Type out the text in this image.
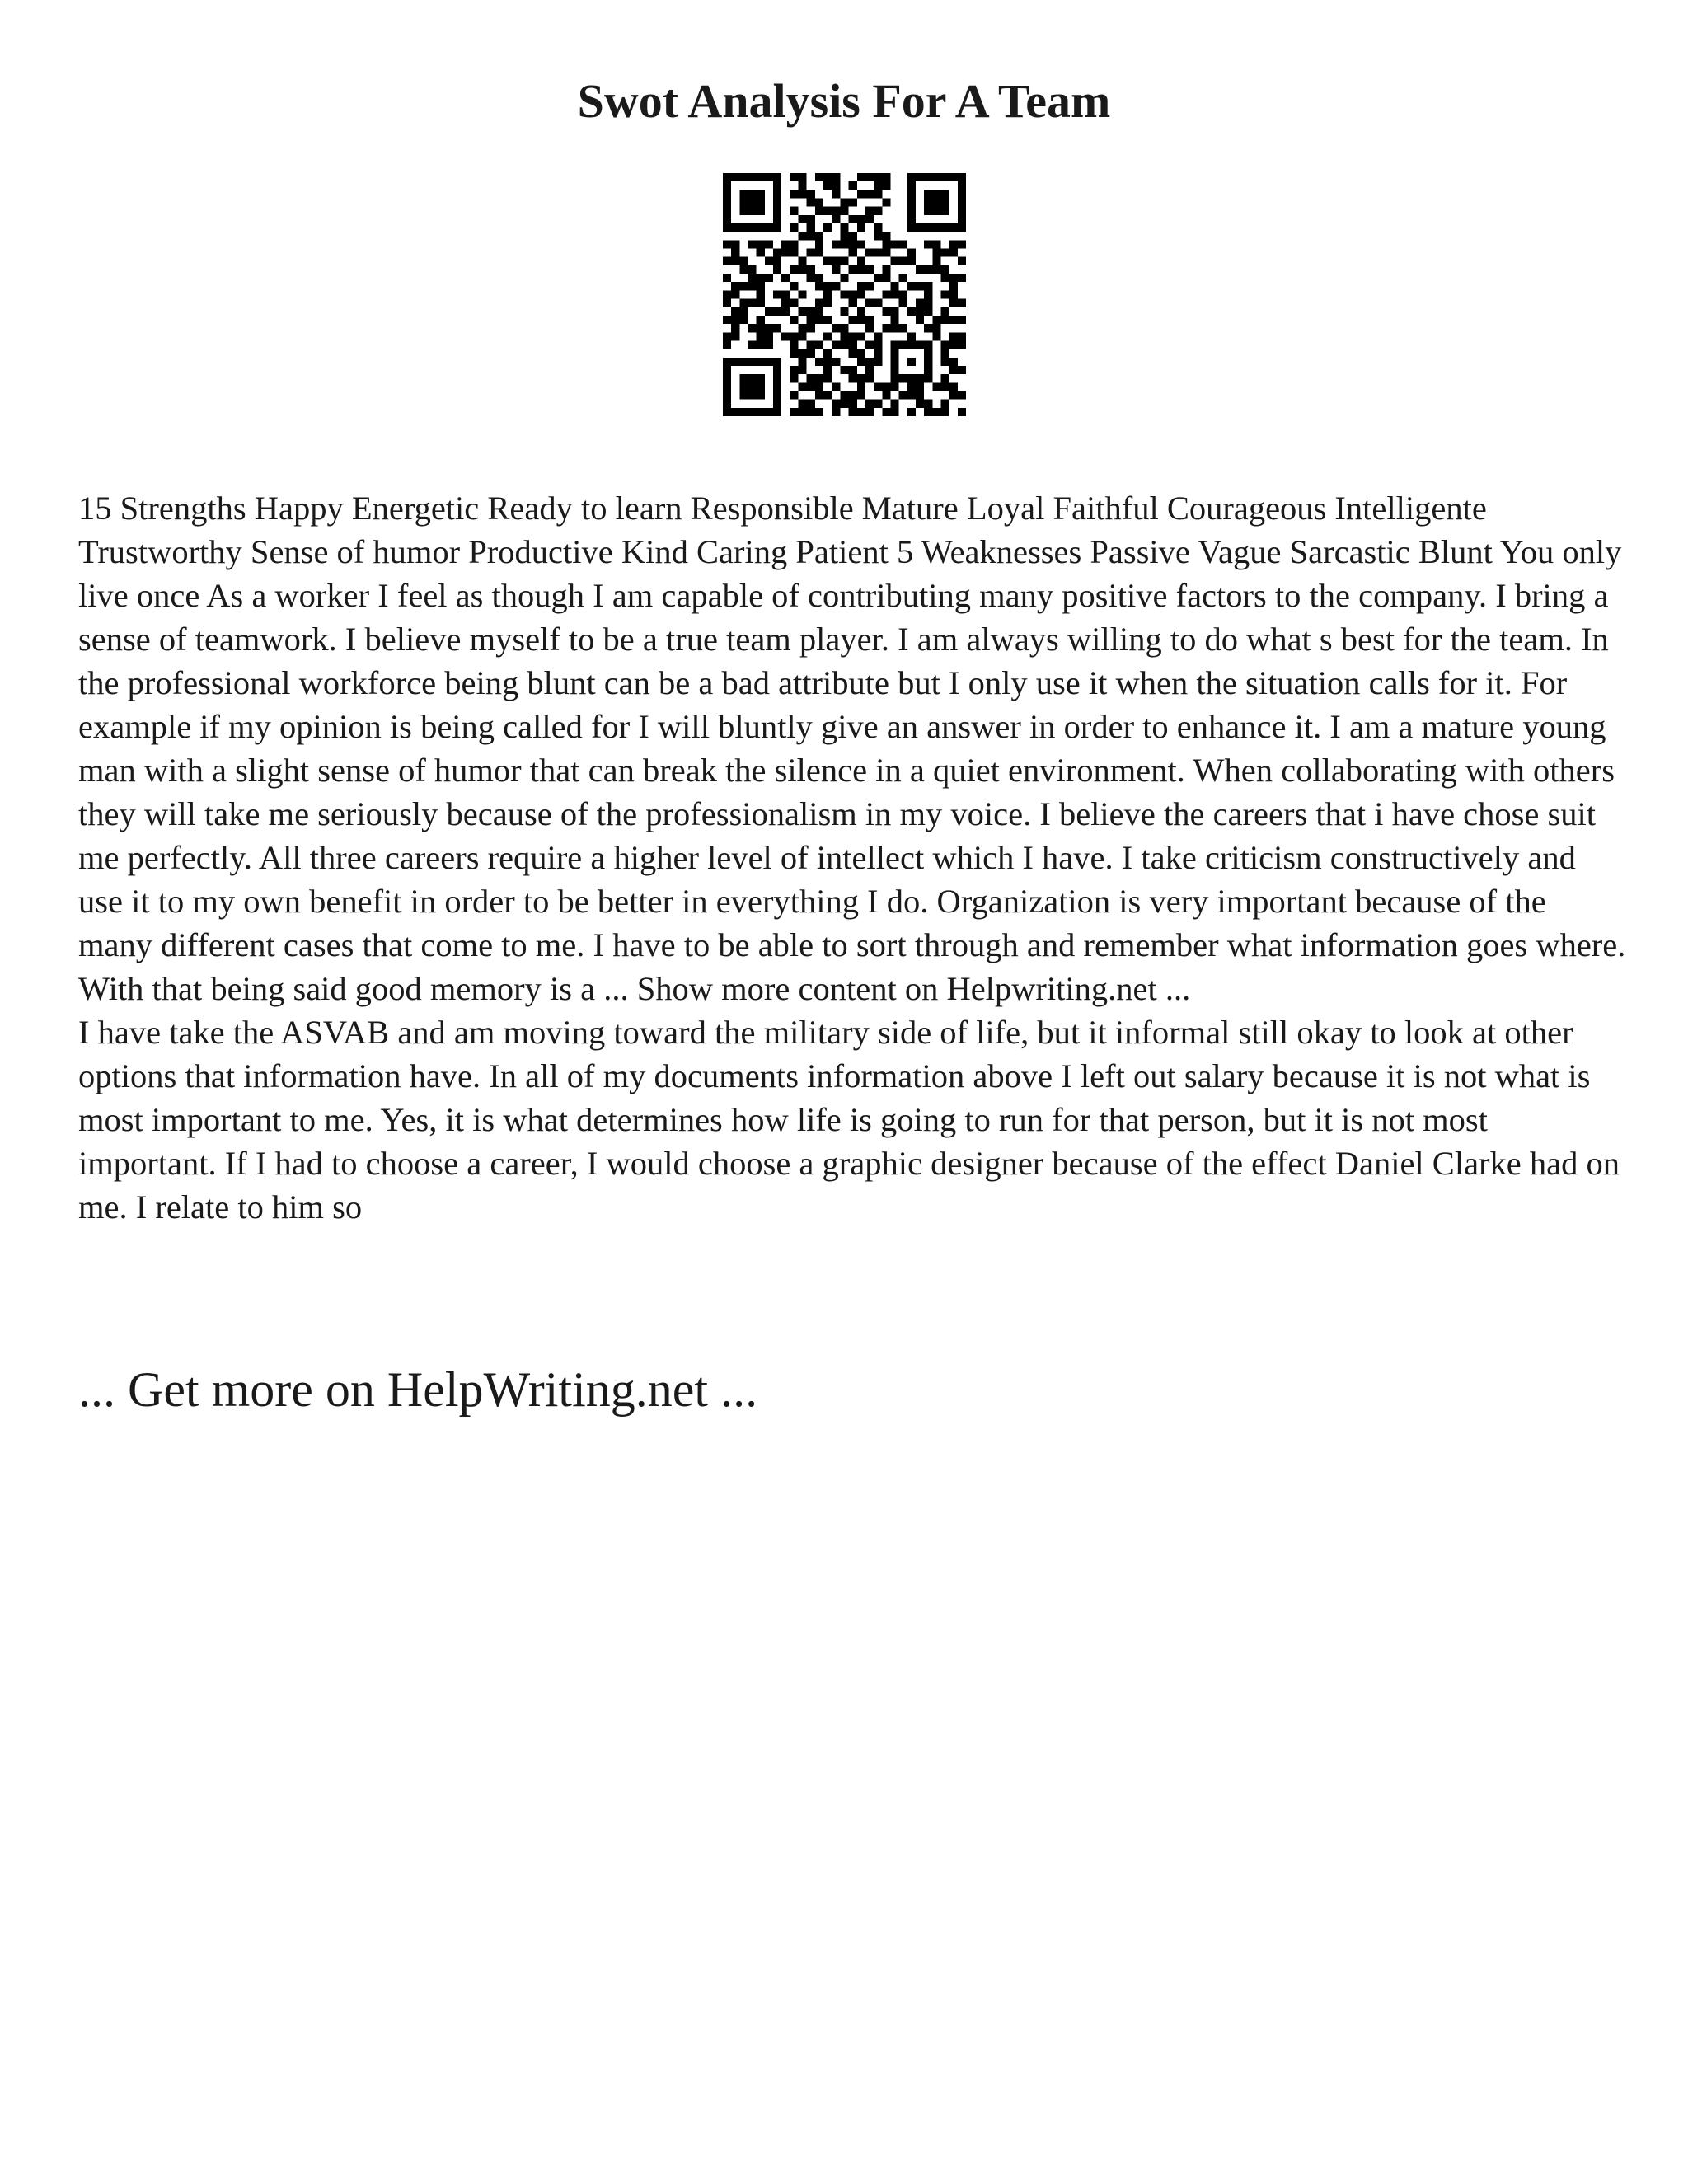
Swot Analysis For A Team

15 Strengths Happy Energetic Ready to learn Responsible Mature Loyal Faithful Courageous Intelligente Trustworthy Sense of humor Productive Kind Caring Patient 5 Weaknesses Passive Vague Sarcastic Blunt You only live once As a worker I feel as though I am capable of contributing many positive factors to the company. I bring a sense of teamwork. I believe myself to be a true team player. I am always willing to do what s best for the team. In the professional workforce being blunt can be a bad attribute but I only use it when the situation calls for it. For example if my opinion is being called for I will bluntly give an answer in order to enhance it. I am a mature young man with a slight sense of humor that can break the silence in a quiet environment. When collaborating with others they will take me seriously because of the professionalism in my voice. I believe the careers that i have chose suit me perfectly. All three careers require a higher level of intellect which I have. I take criticism constructively and use it to my own benefit in order to be better in everything I do. Organization is very important because of the many different cases that come to me. I have to be able to sort through and remember what information goes where. With that being said good memory is a ... Show more content on Helpwriting.net ...

I have take the ASVAB and am moving toward the military side of life, but it informal still okay to look at other options that information have. In all of my documents information above I left out salary because it is not what is most important to me. Yes, it is what determines how life is going to run for that person, but it is not most important. If I had to choose a career, I would choose a graphic designer because of the effect Daniel Clarke had on me. I relate to him so

... Get more on HelpWriting.net ...
